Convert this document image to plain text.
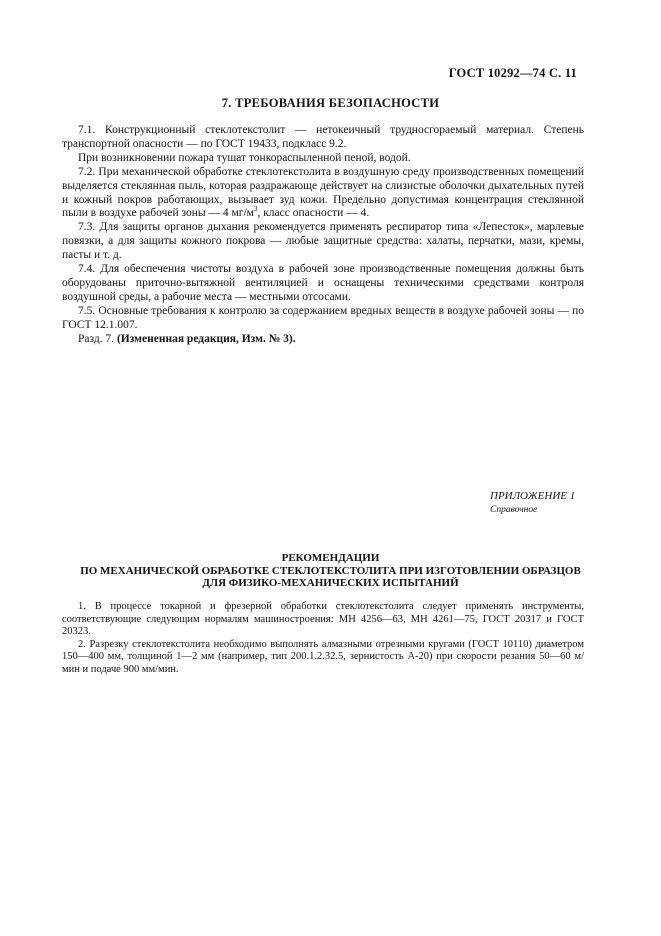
ГОСТ 10292—74 С. 11
7. ТРЕБОВАНИЯ БЕЗОПАСНОСТИ

7.1. Конструкционный стеклотекстолит — нетокеичный трудносгораемый материал. Степень транспортной опасности — по ГОСТ 19433, подкласс 9.2.

При возникновении пожара тушат тонкораспыленной пеной, водой.

7.2. При механической обработке стеклотекстолита в воздушную среду производственных помещений выделяется стеклянная пыль, которая раздражающе действует на слизистые оболочки дыхательных путей и кожный покров работающих, вызывает зуд кожи. Предельно допустимая концентрация стеклянной пыли в воздухе рабочей зоны — 4 $мг/м^3$, класс опасности — 4.

7.3. Для защиты органов дыхания рекомендуется применять респиратор типа «Лепесток», марлевые повязки, а для защиты кожного покрова — любые защитные средства: халаты, перчатки, мази, кремы, пасты и т. д.

7.4. Для обеспечения чистоты воздуха в рабочей зоне производственные помещения должны быть оборудованы приточно-вытяжной вентиляцией и оснащены техническими средствами контроля воздушной среды, а рабочие места — местными отсосами.

7.5. Основные требования к контролю за содержанием вредных веществ в воздухе рабочей зоны — по ГОСТ 12.1.007.

Разд. 7. (Измененная редакция, Изм. № 3).

ПРИЛОЖЕНИЕ 1
Справочное
РЕКОМЕНДАЦИИ
ПО МЕХАНИЧЕСКОЙ ОБРАБОТКЕ СТЕКЛОТЕКСТОЛИТА ПРИ ИЗГОТОВЛЕНИИ ОБРАЗЦОВ
ДЛЯ ФИЗИКО-МЕХАНИЧЕСКИХ ИСПЫТАНИЙ

1. В процессе токарной и фрезерной обработки стеклотекстолита следует применять инструменты, соответствующие следующим нормалям машиностроения: МН 4256—63, МН 4261—75, ГОСТ 20317 и ГОСТ 20323.

2. Разрезку стеклотекстолита необходимо выполнять алмазными отрезными кругами (ГОСТ 10110) диаметром 150—400 мм, толщиной 1—2 мм (например, тип 200.1.2.32.5, зернистость А-20) при скорости резания 50—60 м/мин и подаче 900 мм/мин.
